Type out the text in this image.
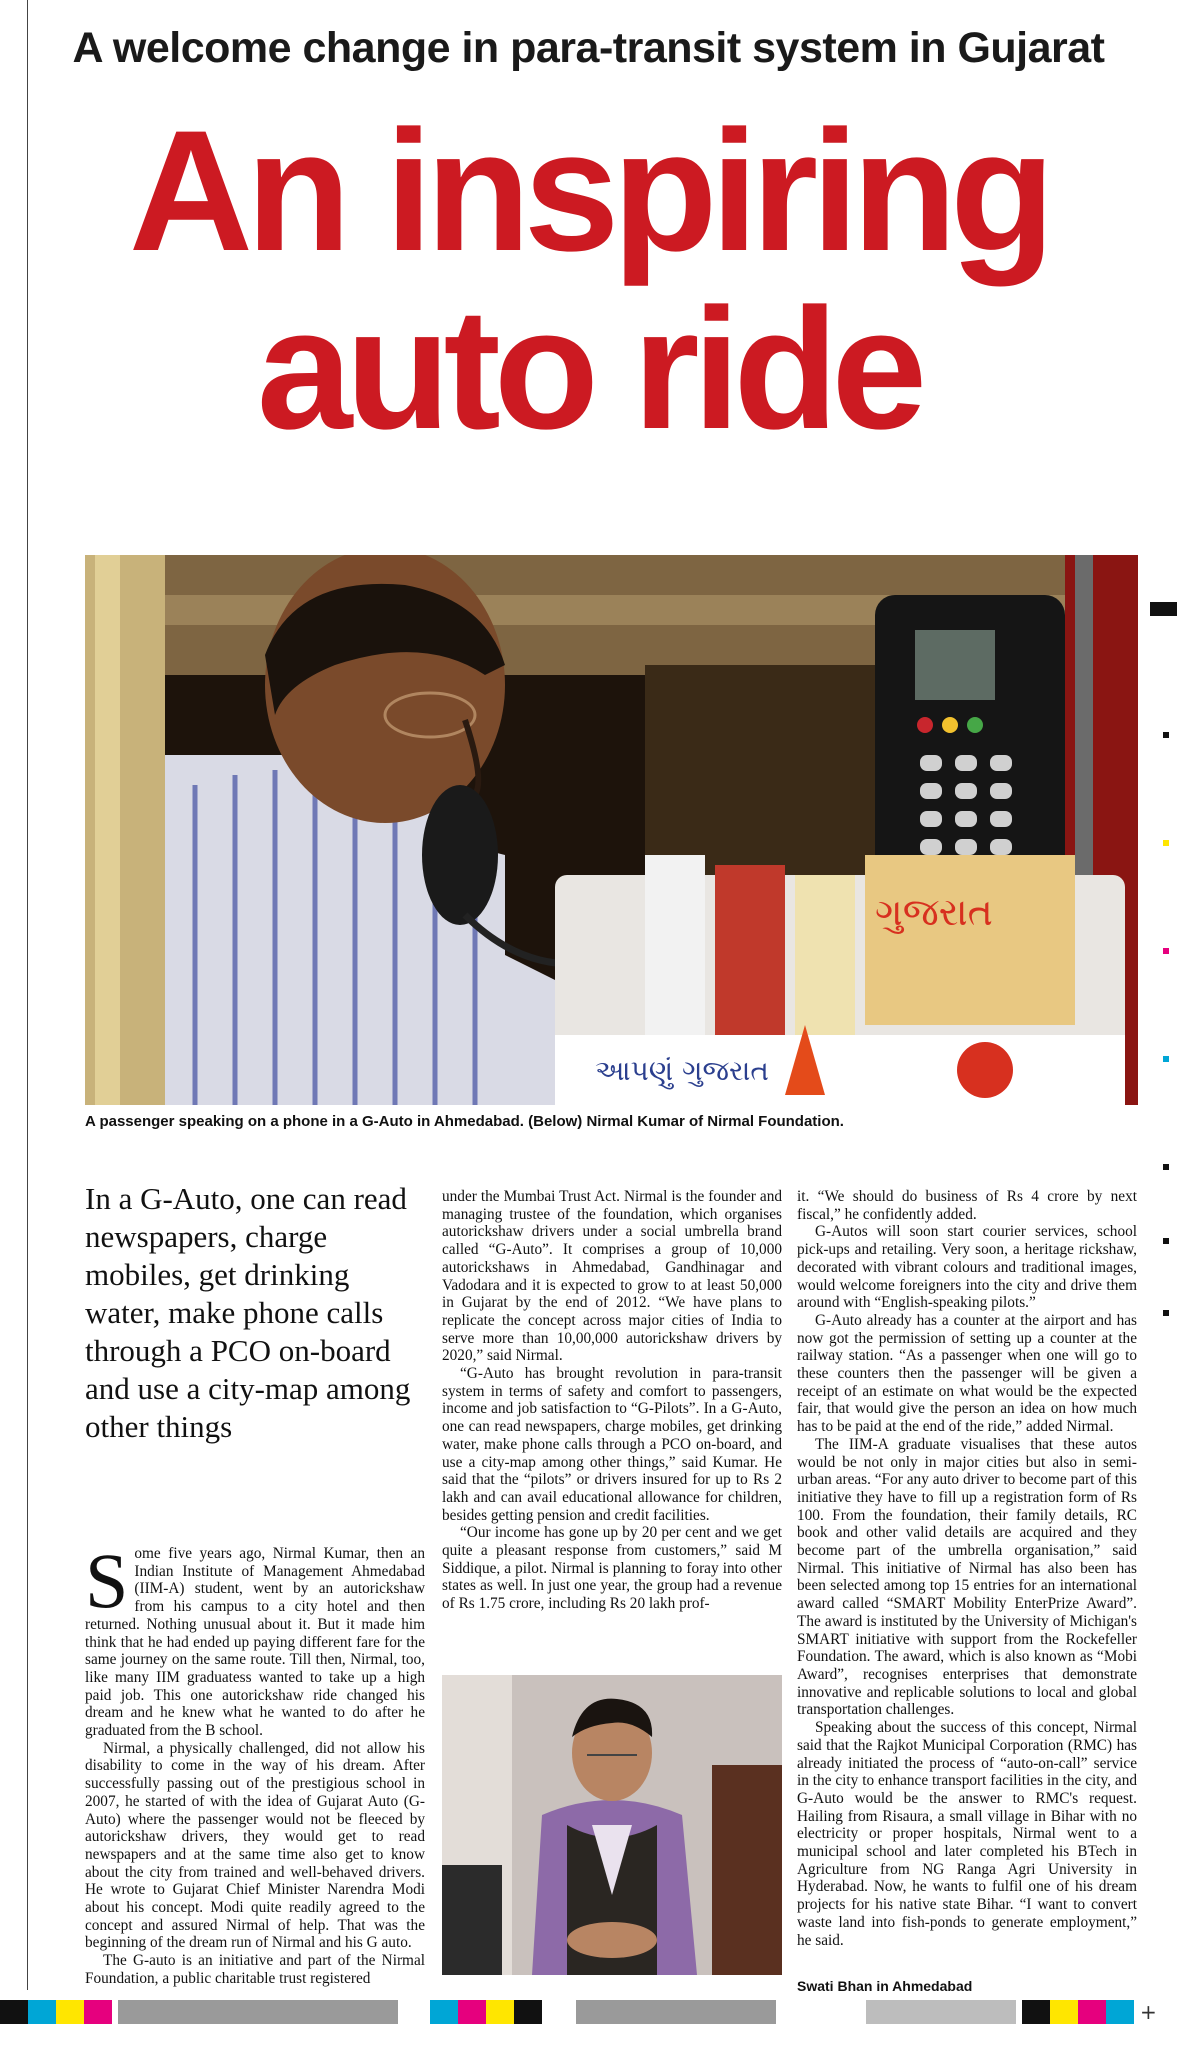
A welcome change in para-transit system in Gujarat
An inspiring
auto ride
ગુજરાત
આપણું ગુજરાત
A passenger speaking on a phone in a G-Auto in Ahmedabad. (Below) Nirmal Kumar of Nirmal Foundation.
In a G-Auto, one can read newspapers, charge mobiles, get drinking water, make phone calls through a PCO on-board and use a city-map among other things

Some five years ago, Nirmal Kumar, then an Indian Institute of Management Ahmedabad (IIM-A) student, went by an autorickshaw from his campus to a city hotel and then returned. Nothing unusual about it. But it made him think that he had ended up paying different fare for the same journey on the same route. Till then, Nirmal, too, like many IIM graduatess wanted to take up a high paid job. This one autorickshaw ride changed his dream and he knew what he wanted to do after he graduated from the B school.

Nirmal, a physically challenged, did not allow his disability to come in the way of his dream. After successfully passing out of the prestigious school in 2007, he started of with the idea of Gujarat Auto (G-Auto) where the passenger would not be fleeced by autorickshaw drivers, they would get to read newspapers and at the same time also get to know about the city from trained and well-behaved drivers. He wrote to Gujarat Chief Minister Narendra Modi about his concept. Modi quite readily agreed to the concept and assured Nirmal of help. That was the beginning of the dream run of Nirmal and his G auto.

The G-auto is an initiative and part of the Nirmal Foundation, a public charitable trust registered

under the Mumbai Trust Act. Nirmal is the founder and managing trustee of the foundation, which organises autorickshaw drivers under a social umbrella brand called “G-Auto”. It comprises a group of 10,000 autorickshaws in Ahmedabad, Gandhinagar and Vadodara and it is expected to grow to at least 50,000 in Gujarat by the end of 2012. “We have plans to replicate the concept across major cities of India to serve more than 10,00,000 autorickshaw drivers by 2020,” said Nirmal.

“G-Auto has brought revolution in para-transit system in terms of safety and comfort to passengers, income and job satisfaction to “G-Pilots”. In a G-Auto, one can read newspapers, charge mobiles, get drinking water, make phone calls through a PCO on-board, and use a city-map among other things,” said Kumar. He said that the “pilots” or drivers insured for up to Rs 2 lakh and can avail educational allowance for children, besides getting pension and credit facilities.

“Our income has gone up by 20 per cent and we get quite a pleasant response from customers,” said M Siddique, a pilot. Nirmal is planning to foray into other states as well. In just one year, the group had a revenue of Rs 1.75 crore, including Rs 20 lakh prof-

it. “We should do business of Rs 4 crore by next fiscal,” he confidently added.

G-Autos will soon start courier services, school pick-ups and retailing. Very soon, a heritage rickshaw, decorated with vibrant colours and traditional images, would welcome foreigners into the city and drive them around with “English-speaking pilots.”

G-Auto already has a counter at the airport and has now got the permission of setting up a counter at the railway station. “As a passenger when one will go to these counters then the passenger will be given a receipt of an estimate on what would be the expected fair, that would give the person an idea on how much has to be paid at the end of the ride,” added Nirmal.

The IIM-A graduate visualises that these autos would be not only in major cities but also in semi-urban areas. “For any auto driver to become part of this initiative they have to fill up a registration form of Rs 100. From the foundation, their family details, RC book and other valid details are acquired and they become part of the umbrella organisation,” said Nirmal. This initiative of Nirmal has also been has been selected among top 15 entries for an international award called “SMART Mobility EnterPrize Award”. The award is instituted by the University of Michigan's SMART initiative with support from the Rockefeller Foundation. The award, which is also known as “Mobi Award”, recognises enterprises that demonstrate innovative and replicable solutions to local and global transportation challenges.

Speaking about the success of this concept, Nirmal said that the Rajkot Municipal Corporation (RMC) has already initiated the process of “auto-on-call” service in the city to enhance transport facilities in the city, and G-Auto would be the answer to RMC's request. Hailing from Risaura, a small village in Bihar with no electricity or proper hospitals, Nirmal went to a municipal school and later completed his BTech in Agriculture from NG Ranga Agri University in Hyderabad. Now, he wants to fulfil one of his dream projects for his native state Bihar. “I want to convert waste land into fish-ponds to generate employment,” he said.

Swati Bhan in Ahmedabad
+
